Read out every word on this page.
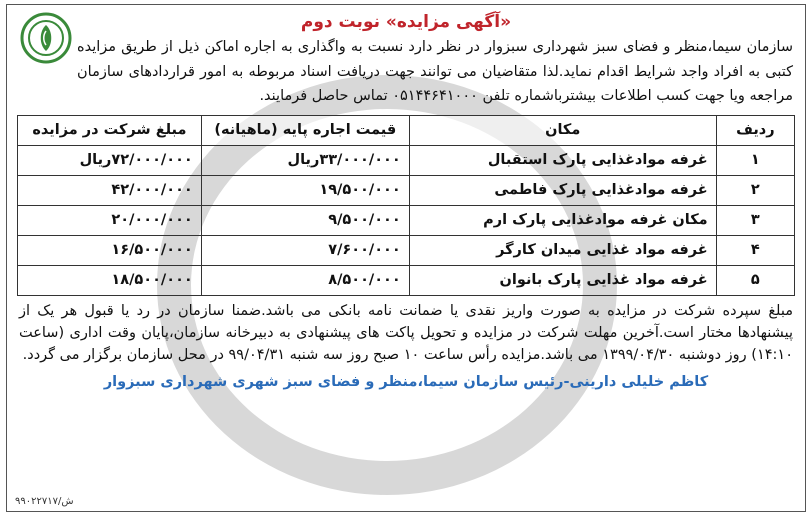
«آگهی مزایده» نوبت دوم
سازمان سیما،منظر و فضای سبز شهرداری سبزوار در نظر دارد نسبت به واگذاری به اجاره اماکن ذیل از طریق مزایده کتبی به افراد واجد شرایط اقدام نماید.لذا متقاضیان می توانند جهت دریافت اسناد مربوطه به امور قراردادهای سازمان مراجعه ویا جهت کسب اطلاعات بیشترباشماره تلفن ۰۵۱۴۴۶۴۱۰۰۰ تماس حاصل فرمایند.
ردیف	مکان	قیمت اجاره پایه (ماهیانه)	مبلغ شرکت در مزایده
۱	غرفه موادغذایی پارک استقبال	۳۳/۰۰۰/۰۰۰ریال	۷۲/۰۰۰/۰۰۰ریال
۲	غرفه موادغذایی پارک فاطمی	۱۹/۵۰۰/۰۰۰	۴۲/۰۰۰/۰۰۰
۳	مکان غرفه موادغذایی پارک ارم	۹/۵۰۰/۰۰۰	۲۰/۰۰۰/۰۰۰
۴	غرفه مواد غذایی میدان کارگر	۷/۶۰۰/۰۰۰	۱۶/۵۰۰/۰۰۰
۵	غرفه مواد غذایی پارک بانوان	۸/۵۰۰/۰۰۰	۱۸/۵۰۰/۰۰۰
مبلغ سپرده شرکت در مزایده به صورت واریز نقدی یا ضمانت نامه بانکی می باشد.ضمنا سازمان در رد یا قبول هر یک از پیشنهادها مختار است.آخرین مهلت شرکت در مزایده و تحویل پاکت های پیشنهادی به دبیرخانه سازمان،پایان وقت اداری (ساعت ۱۴:۱۰) روز دوشنبه ۱۳۹۹/۰۴/۳۰ می باشد.مزایده رأس ساعت ۱۰ صبح روز سه شنبه ۹۹/۰۴/۳۱ در محل سازمان برگزار می گردد.
کاظم خلیلی دارینی-رئیس سازمان سیما،منظر و فضای سبز شهری شهرداری سبزوار
۹۹۰۲۲۷۱۷/ش
